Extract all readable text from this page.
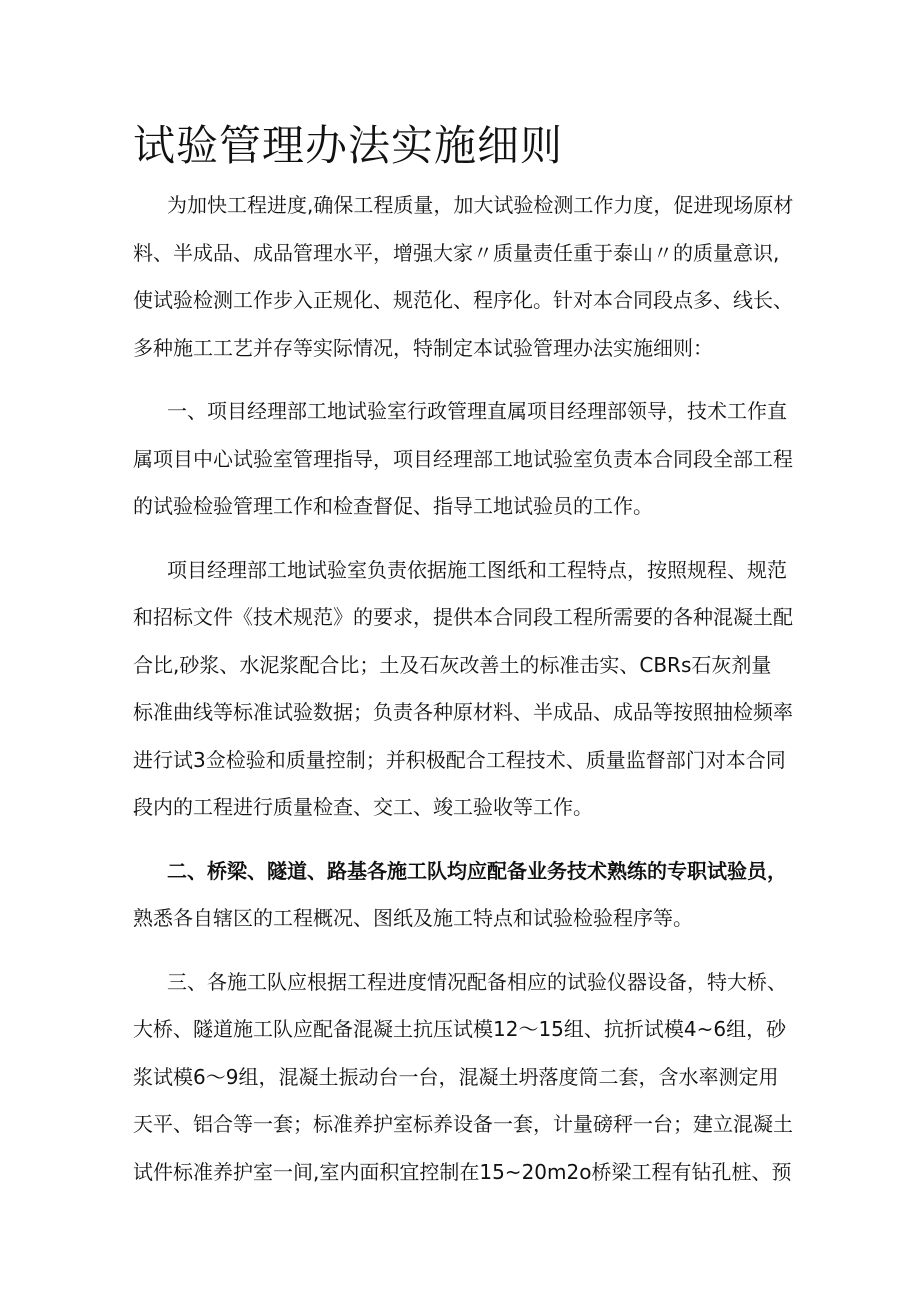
试验管理办法实施细则
为加快工程进度,确保工程质量，加大试验检测工作力度，促进现场原材
料、半成品、成品管理水平，增强大家〃质量责任重于泰山〃的质量意识,
使试验检测工作步入正规化、规范化、程序化。针对本合同段点多、线长、
多种施工工艺并存等实际情况，特制定本试验管理办法实施细则：
一、项目经理部工地试验室行政管理直属项目经理部领导，技术工作直
属项目中心试验室管理指导，项目经理部工地试验室负责本合同段全部工程
的试验检验管理工作和检查督促、指导工地试验员的工作。
项目经理部工地试验室负责依据施工图纸和工程特点，按照规程、规范
和招标文件《技术规范》的要求，提供本合同段工程所需要的各种混凝土配
合比,砂浆、水泥浆配合比；土及石灰改善土的标准击实、CBRs石灰剂量
标准曲线等标准试验数据；负责各种原材料、半成品、成品等按照抽检频率
进行试3佥检验和质量控制；并积极配合工程技术、质量监督部门对本合同
段内的工程进行质量检查、交工、竣工验收等工作。
二、桥梁、隧道、路基各施工队均应配备业务技术熟练的专职试验员，
熟悉各自辖区的工程概况、图纸及施工特点和试验检验程序等。
三、各施工队应根据工程进度情况配备相应的试验仪器设备，特大桥、
大桥、隧道施工队应配备混凝土抗压试模12～15组、抗折试模4~6组，砂
浆试模6～9组，混凝土振动台一台，混凝土坍落度筒二套，含水率测定用
天平、铝合等一套；标准养护室标养设备一套，计量磅秤一台；建立混凝土
试件标准养护室一间,室内面积宜控制在15~20m2o桥梁工程有钻孔桩、预
